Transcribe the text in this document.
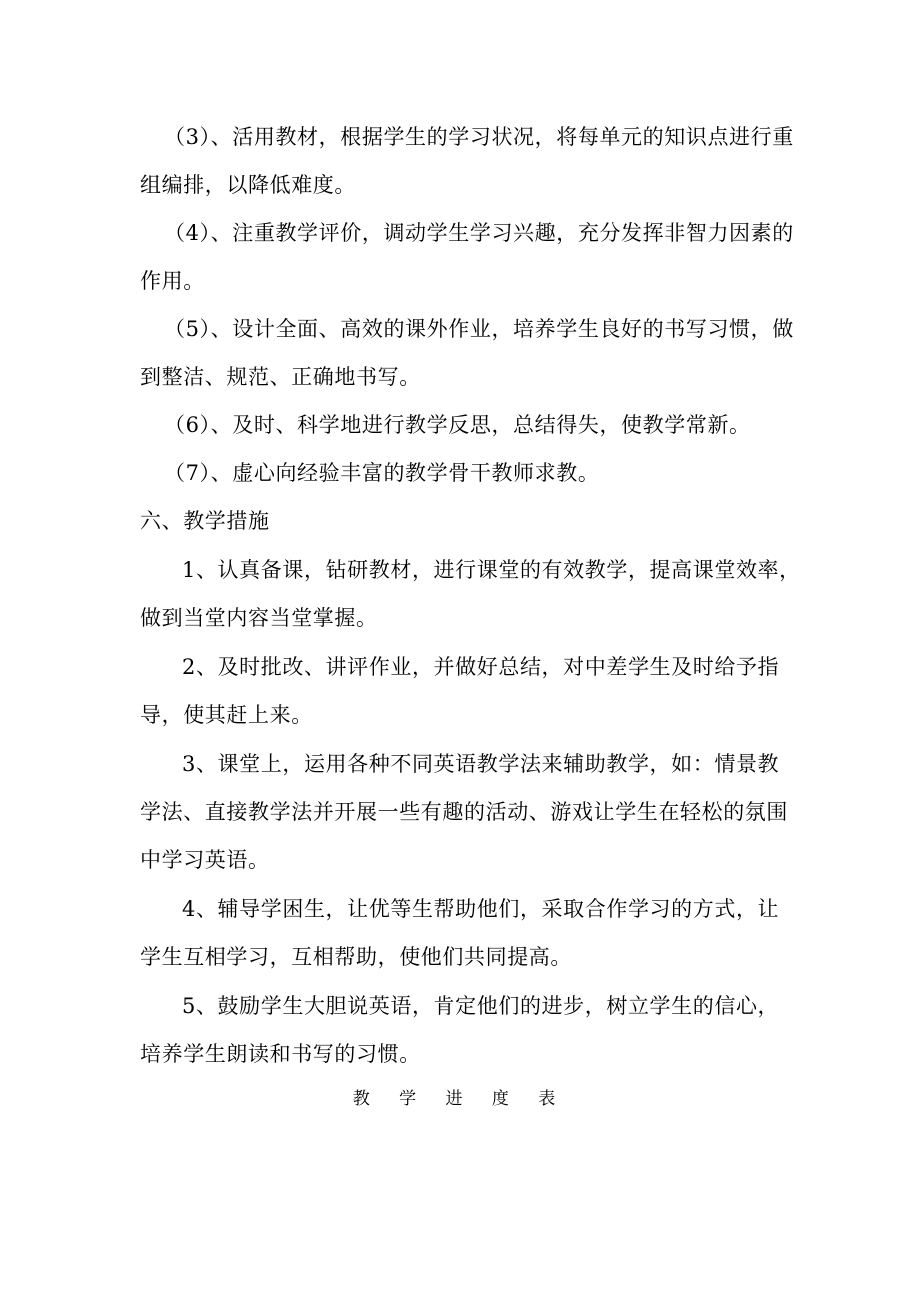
（3）、活用教材，根据学生的学习状况，将每单元的知识点进行重
组编排，以降低难度。
（4）、注重教学评价，调动学生学习兴趣，充分发挥非智力因素的
作用。
（5）、设计全面、高效的课外作业，培养学生良好的书写习惯，做
到整洁、规范、正确地书写。
（6）、及时、科学地进行教学反思，总结得失，使教学常新。
（7）、虚心向经验丰富的教学骨干教师求教。
六、教学措施
1、认真备课，钻研教材，进行课堂的有效教学，提高课堂效率，
做到当堂内容当堂掌握。
2、及时批改、讲评作业，并做好总结，对中差学生及时给予指
导，使其赶上来。
3、课堂上，运用各种不同英语教学法来辅助教学，如：情景教
学法、直接教学法并开展一些有趣的活动、游戏让学生在轻松的氛围
中学习英语。
4、辅导学困生，让优等生帮助他们，采取合作学习的方式，让
学生互相学习，互相帮助，使他们共同提高。
5、鼓励学生大胆说英语，肯定他们的进步，树立学生的信心，
培养学生朗读和书写的习惯。
教 学 进 度 表
